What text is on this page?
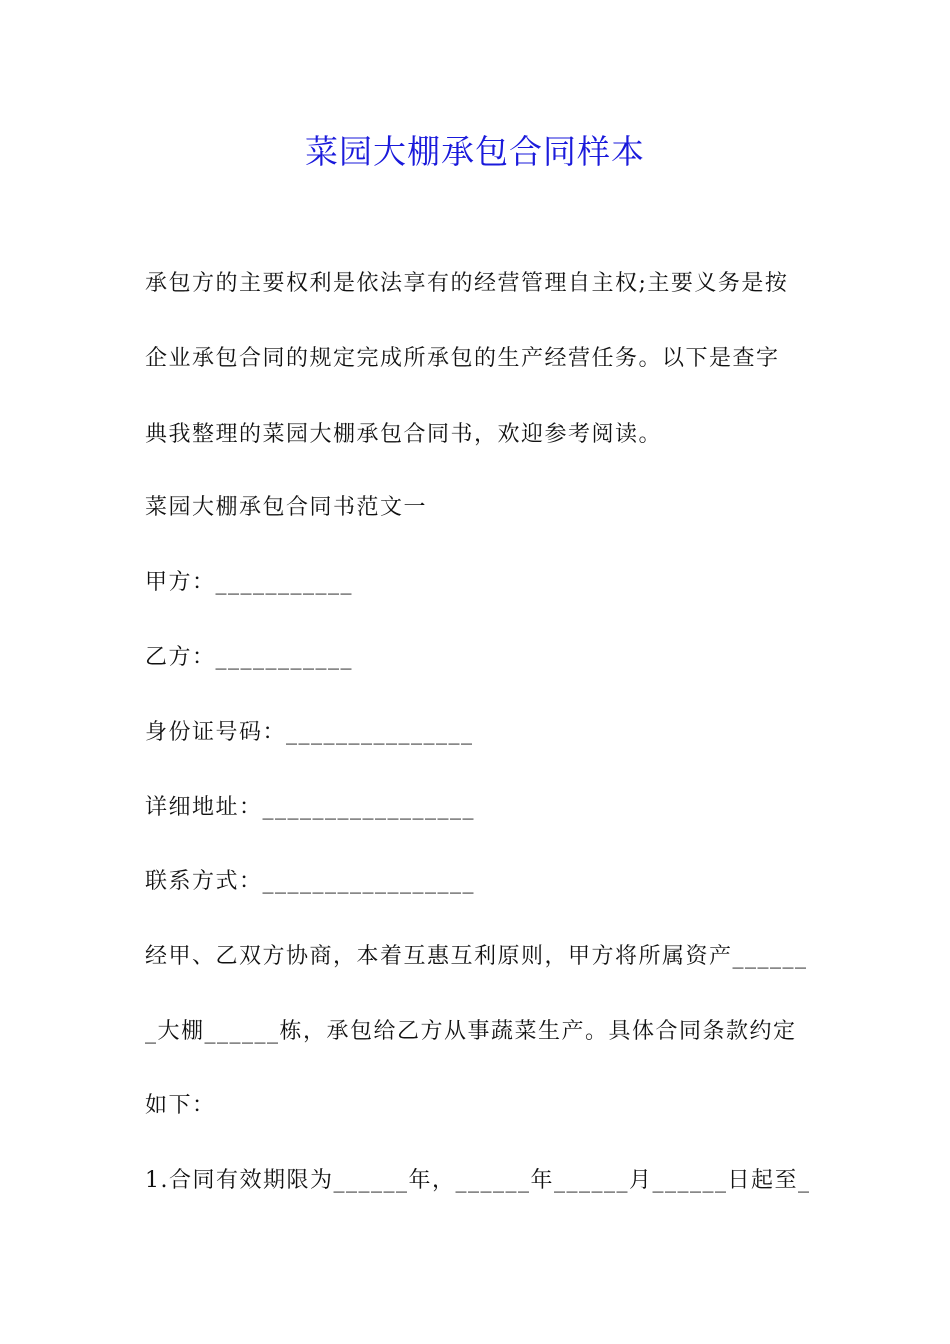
菜园大棚承包合同样本
承包方的主要权利是依法享有的经营管理自主权;主要义务是按
企业承包合同的规定完成所承包的生产经营任务。以下是查字
典我整理的菜园大棚承包合同书，欢迎参考阅读。
菜园大棚承包合同书范文一
甲方：___________
乙方：___________
身份证号码：_______________
详细地址：_________________
联系方式：_________________
经甲、乙双方协商，本着互惠互利原则，甲方将所属资产______
_大棚______栋，承包给乙方从事蔬菜生产。具体合同条款约定
如下：
1.合同有效期限为______年，______年______月______日起至_
